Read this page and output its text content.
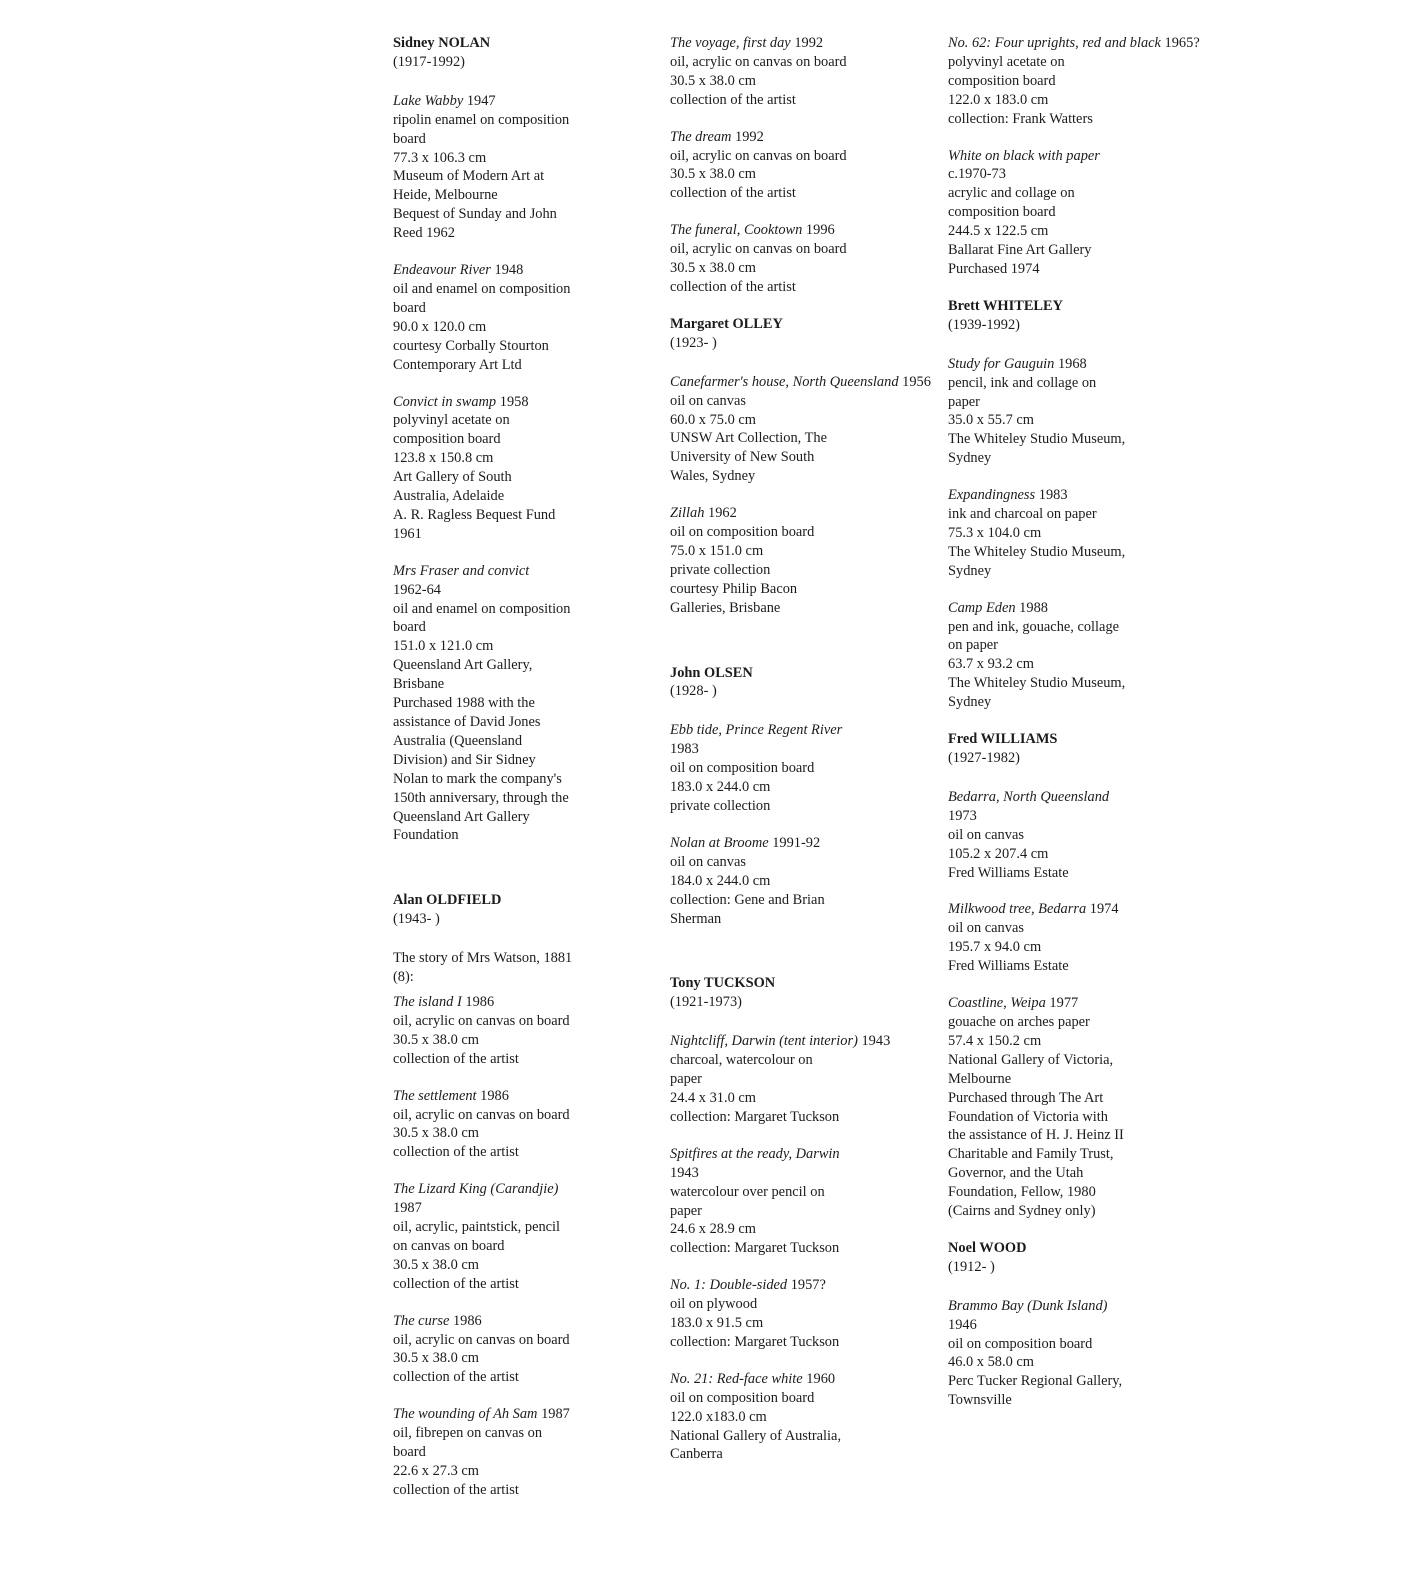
Sidney NOLAN
(1917-1992)
Lake Wabby 1947
ripolin enamel on composition
board
77.3 x 106.3 cm
Museum of Modern Art at
Heide, Melbourne
Bequest of Sunday and John
Reed 1962
Endeavour River 1948
oil and enamel on composition
board
90.0 x 120.0 cm
courtesy Corbally Stourton
Contemporary Art Ltd
Convict in swamp 1958
polyvinyl acetate on
composition board
123.8 x 150.8 cm
Art Gallery of South
Australia, Adelaide
A. R. Ragless Bequest Fund
1961
Mrs Fraser and convict
1962-64
oil and enamel on composition
board
151.0 x 121.0 cm
Queensland Art Gallery,
Brisbane
Purchased 1988 with the
assistance of David Jones
Australia (Queensland
Division) and Sir Sidney
Nolan to mark the company's
150th anniversary, through the
Queensland Art Gallery
Foundation
Alan OLDFIELD
(1943- )
The story of Mrs Watson, 1881
(8):
The island I 1986
oil, acrylic on canvas on board
30.5 x 38.0 cm
collection of the artist
The settlement 1986
oil, acrylic on canvas on board
30.5 x 38.0 cm
collection of the artist
The Lizard King (Carandjie)
1987
oil, acrylic, paintstick, pencil
on canvas on board
30.5 x 38.0 cm
collection of the artist
The curse 1986
oil, acrylic on canvas on board
30.5 x 38.0 cm
collection of the artist
The wounding of Ah Sam 1987
oil, fibrepen on canvas on
board
22.6 x 27.3 cm
collection of the artist
The voyage, first day 1992
oil, acrylic on canvas on board
30.5 x 38.0 cm
collection of the artist
The dream 1992
oil, acrylic on canvas on board
30.5 x 38.0 cm
collection of the artist
The funeral, Cooktown 1996
oil, acrylic on canvas on board
30.5 x 38.0 cm
collection of the artist
Margaret OLLEY
(1923- )
Canefarmer's house, North Queensland 1956
oil on canvas
60.0 x 75.0 cm
UNSW Art Collection, The
University of New South
Wales, Sydney
Zillah 1962
oil on composition board
75.0 x 151.0 cm
private collection
courtesy Philip Bacon
Galleries, Brisbane
John OLSEN
(1928- )
Ebb tide, Prince Regent River
1983
oil on composition board
183.0 x 244.0 cm
private collection
Nolan at Broome 1991-92
oil on canvas
184.0 x 244.0 cm
collection: Gene and Brian
Sherman
Tony TUCKSON
(1921-1973)
Nightcliff, Darwin (tent interior) 1943
charcoal, watercolour on
paper
24.4 x 31.0 cm
collection: Margaret Tuckson
Spitfires at the ready, Darwin
1943
watercolour over pencil on
paper
24.6 x 28.9 cm
collection: Margaret Tuckson
No. 1: Double-sided 1957?
oil on plywood
183.0 x 91.5 cm
collection: Margaret Tuckson
No. 21: Red-face white 1960
oil on composition board
122.0 x183.0 cm
National Gallery of Australia,
Canberra
No. 62: Four uprights, red and black 1965?
polyvinyl acetate on
composition board
122.0 x 183.0 cm
collection: Frank Watters
White on black with paper
c.1970-73
acrylic and collage on
composition board
244.5 x 122.5 cm
Ballarat Fine Art Gallery
Purchased 1974
Brett WHITELEY
(1939-1992)
Study for Gauguin 1968
pencil, ink and collage on
paper
35.0 x 55.7 cm
The Whiteley Studio Museum,
Sydney
Expandingness 1983
ink and charcoal on paper
75.3 x 104.0 cm
The Whiteley Studio Museum,
Sydney
Camp Eden 1988
pen and ink, gouache, collage
on paper
63.7 x 93.2 cm
The Whiteley Studio Museum,
Sydney
Fred WILLIAMS
(1927-1982)
Bedarra, North Queensland
1973
oil on canvas
105.2 x 207.4 cm
Fred Williams Estate
Milkwood tree, Bedarra 1974
oil on canvas
195.7 x 94.0 cm
Fred Williams Estate
Coastline, Weipa 1977
gouache on arches paper
57.4 x 150.2 cm
National Gallery of Victoria,
Melbourne
Purchased through The Art
Foundation of Victoria with
the assistance of H. J. Heinz II
Charitable and Family Trust,
Governor, and the Utah
Foundation, Fellow, 1980
(Cairns and Sydney only)
Noel WOOD
(1912- )
Brammo Bay (Dunk Island)
1946
oil on composition board
46.0 x 58.0 cm
Perc Tucker Regional Gallery,
Townsville
